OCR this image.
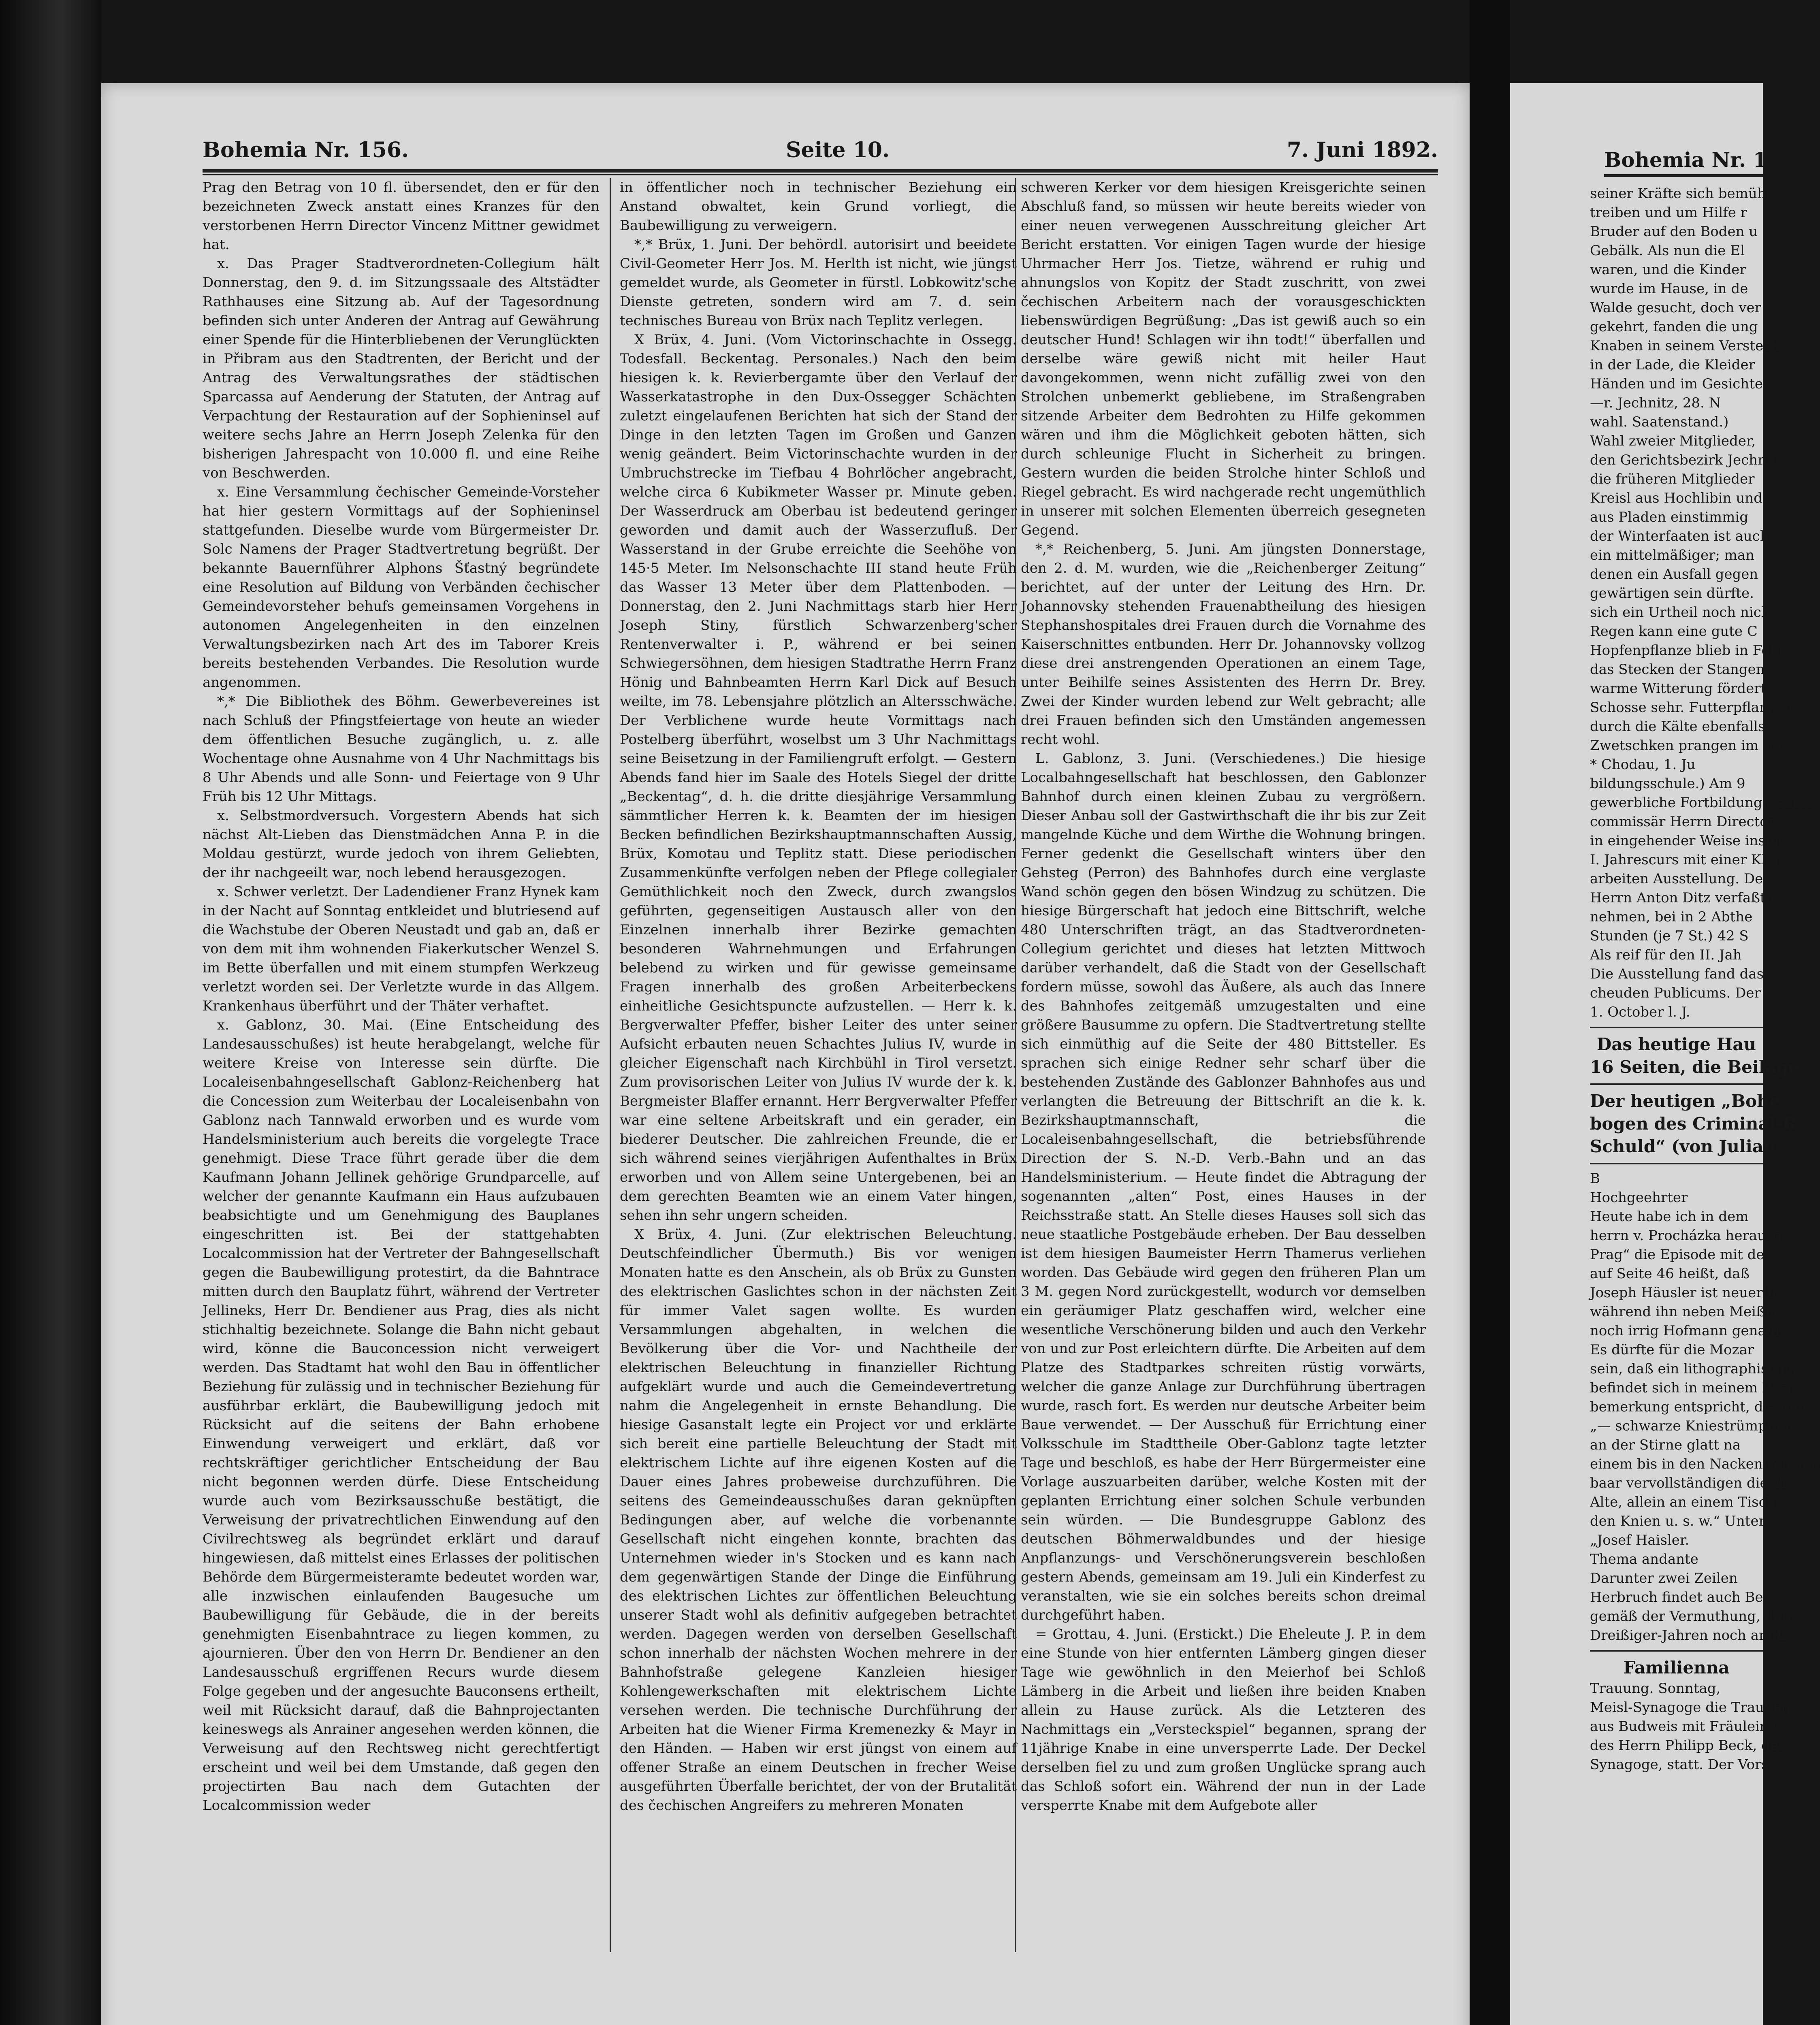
Bohemia Nr. 156.	Seite 10.	7. Juni 1892.

Prag den Betrag von 10 fl. übersendet, den er für den bezeichneten Zweck anstatt eines Kranzes für den verstorbenen Herrn Director Vincenz Mittner gewidmet hat.

x. Das Prager Stadtverordneten-Collegium hält Donnerstag, den 9. d. im Sitzungssaale des Altstädter Rathhauses eine Sitzung ab. Auf der Tagesordnung befinden sich unter Anderen der Antrag auf Gewährung einer Spende für die Hinterbliebenen der Verunglückten in Přibram aus den Stadtrenten, der Bericht und der Antrag des Verwaltungsrathes der städtischen Sparcassa auf Aenderung der Statuten, der Antrag auf Verpachtung der Restauration auf der Sophieninsel auf weitere sechs Jahre an Herrn Joseph Zelenka für den bisherigen Jahrespacht von 10.000 fl. und eine Reihe von Beschwerden.

x. Eine Versammlung čechischer Gemeinde-Vorsteher hat hier gestern Vormittags auf der Sophieninsel stattgefunden. Dieselbe wurde vom Bürgermeister Dr. Solc Namens der Prager Stadtvertretung begrüßt. Der bekannte Bauernführer Alphons Šťastný begründete eine Resolution auf Bildung von Verbänden čechischer Gemeindevorsteher behufs gemeinsamen Vorgehens in autonomen Angelegenheiten in den einzelnen Verwaltungsbezirken nach Art des im Taborer Kreis bereits bestehenden Verbandes. Die Resolution wurde angenommen.

*,* Die Bibliothek des Böhm. Gewerbevereines ist nach Schluß der Pfingstfeiertage von heute an wieder dem öffentlichen Besuche zugänglich, u. z. alle Wochentage ohne Ausnahme von 4 Uhr Nachmittags bis 8 Uhr Abends und alle Sonn- und Feiertage von 9 Uhr Früh bis 12 Uhr Mittags.

x. Selbstmordversuch. Vorgestern Abends hat sich nächst Alt-Lieben das Dienstmädchen Anna P. in die Moldau gestürzt, wurde jedoch von ihrem Geliebten, der ihr nachgeeilt war, noch lebend herausgezogen.

x. Schwer verletzt. Der Ladendiener Franz Hynek kam in der Nacht auf Sonntag entkleidet und blutriesend auf die Wachstube der Oberen Neustadt und gab an, daß er von dem mit ihm wohnenden Fiakerkutscher Wenzel S. im Bette überfallen und mit einem stumpfen Werkzeug verletzt worden sei. Der Verletzte wurde in das Allgem. Krankenhaus überführt und der Thäter verhaftet.

x. Gablonz, 30. Mai. (Eine Entscheidung des Landesausschußes) ist heute herabgelangt, welche für weitere Kreise von Interesse sein dürfte. Die Localeisenbahngesellschaft Gablonz-Reichenberg hat die Concession zum Weiterbau der Localeisenbahn von Gablonz nach Tannwald erworben und es wurde vom Handelsministerium auch bereits die vorgelegte Trace genehmigt. Diese Trace führt gerade über die dem Kaufmann Johann Jellinek gehörige Grundparcelle, auf welcher der genannte Kaufmann ein Haus aufzubauen beabsichtigte und um Genehmigung des Bauplanes eingeschritten ist. Bei der stattgehabten Localcommission hat der Vertreter der Bahngesellschaft gegen die Baubewilligung protestirt, da die Bahntrace mitten durch den Bauplatz führt, während der Vertreter Jellineks, Herr Dr. Bendiener aus Prag, dies als nicht stichhaltig bezeichnete. Solange die Bahn nicht gebaut wird, könne die Bauconcession nicht verweigert werden. Das Stadtamt hat wohl den Bau in öffentlicher Beziehung für zulässig und in technischer Beziehung für ausführbar erklärt, die Baubewilligung jedoch mit Rücksicht auf die seitens der Bahn erhobene Einwendung verweigert und erklärt, daß vor rechtskräftiger gerichtlicher Entscheidung der Bau nicht begonnen werden dürfe. Diese Entscheidung wurde auch vom Bezirksausschuße bestätigt, die Verweisung der privatrechtlichen Einwendung auf den Civilrechtsweg als begründet erklärt und darauf hingewiesen, daß mittelst eines Erlasses der politischen Behörde dem Bürgermeisteramte bedeutet worden war, alle inzwischen einlaufenden Baugesuche um Baubewilligung für Gebäude, die in der bereits genehmigten Eisenbahntrace zu liegen kommen, zu ajournieren. Über den von Herrn Dr. Bendiener an den Landesausschuß ergriffenen Recurs wurde diesem Folge gegeben und der angesuchte Bauconsens ertheilt, weil mit Rücksicht darauf, daß die Bahnprojectanten keineswegs als Anrainer angesehen werden können, die Verweisung auf den Rechtsweg nicht gerechtfertigt erscheint und weil bei dem Umstande, daß gegen den projectirten Bau nach dem Gutachten der Localcommission weder

in öffentlicher noch in technischer Beziehung ein Anstand obwaltet, kein Grund vorliegt, die Baubewilligung zu verweigern.

*,* Brüx, 1. Juni. Der behördl. autorisirt und beeidete Civil-Geometer Herr Jos. M. Herlth ist nicht, wie jüngst gemeldet wurde, als Geometer in fürstl. Lobkowitz'sche Dienste getreten, sondern wird am 7. d. sein technisches Bureau von Brüx nach Teplitz verlegen.

X Brüx, 4. Juni. (Vom Victorinschachte in Ossegg. Todesfall. Beckentag. Personales.) Nach den beim hiesigen k. k. Revierbergamte über den Verlauf der Wasserkatastrophe in den Dux-Ossegger Schächten zuletzt eingelaufenen Berichten hat sich der Stand der Dinge in den letzten Tagen im Großen und Ganzen wenig geändert. Beim Victorinschachte wurden in der Umbruchstrecke im Tiefbau 4 Bohrlöcher angebracht, welche circa 6 Kubikmeter Wasser pr. Minute geben. Der Wasserdruck am Oberbau ist bedeutend geringer geworden und damit auch der Wasserzufluß. Der Wasserstand in der Grube erreichte die Seehöhe von 145·5 Meter. Im Nelsonschachte III stand heute Früh das Wasser 13 Meter über dem Plattenboden. — Donnerstag, den 2. Juni Nachmittags starb hier Herr Joseph Stiny, fürstlich Schwarzenberg'scher Rentenverwalter i. P., während er bei seinen Schwiegersöhnen, dem hiesigen Stadtrathe Herrn Franz Hönig und Bahnbeamten Herrn Karl Dick auf Besuch weilte, im 78. Lebensjahre plötzlich an Altersschwäche. Der Verblichene wurde heute Vormittags nach Postelberg überführt, woselbst um 3 Uhr Nachmittags seine Beisetzung in der Familiengruft erfolgt. — Gestern Abends fand hier im Saale des Hotels Siegel der dritte „Beckentag“, d. h. die dritte diesjährige Versammlung sämmtlicher Herren k. k. Beamten der im hiesigen Becken befindlichen Bezirkshauptmannschaften Aussig, Brüx, Komotau und Teplitz statt. Diese periodischen Zusammenkünfte verfolgen neben der Pflege collegialer Gemüthlichkeit noch den Zweck, durch zwangslos geführten, gegenseitigen Austausch aller von den Einzelnen innerhalb ihrer Bezirke gemachten besonderen Wahrnehmungen und Erfahrungen belebend zu wirken und für gewisse gemeinsame Fragen innerhalb des großen Arbeiterbeckens einheitliche Gesichtspuncte aufzustellen. — Herr k. k. Bergverwalter Pfeffer, bisher Leiter des unter seiner Aufsicht erbauten neuen Schachtes Julius IV, wurde in gleicher Eigenschaft nach Kirchbühl in Tirol versetzt. Zum provisorischen Leiter von Julius IV wurde der k. k. Bergmeister Blaffer ernannt. Herr Bergverwalter Pfeffer war eine seltene Arbeitskraft und ein gerader, ein biederer Deutscher. Die zahlreichen Freunde, die er sich während seines vierjährigen Aufenthaltes in Brüx erworben und von Allem seine Untergebenen, bei an dem gerechten Beamten wie an einem Vater hingen, sehen ihn sehr ungern scheiden.

X Brüx, 4. Juni. (Zur elektrischen Beleuchtung. Deutschfeindlicher Übermuth.) Bis vor wenigen Monaten hatte es den Anschein, als ob Brüx zu Gunsten des elektrischen Gaslichtes schon in der nächsten Zeit für immer Valet sagen wollte. Es wurden Versammlungen abgehalten, in welchen die Bevölkerung über die Vor- und Nachtheile der elektrischen Beleuchtung in finanzieller Richtung aufgeklärt wurde und auch die Gemeindevertretung nahm die Angelegenheit in ernste Behandlung. Die hiesige Gasanstalt legte ein Project vor und erklärte sich bereit eine partielle Beleuchtung der Stadt mit elektrischem Lichte auf ihre eigenen Kosten auf die Dauer eines Jahres probeweise durchzuführen. Die seitens des Gemeindeausschußes daran geknüpften Bedingungen aber, auf welche die vorbenannte Gesellschaft nicht eingehen konnte, brachten das Unternehmen wieder in's Stocken und es kann nach dem gegenwärtigen Stande der Dinge die Einführung des elektrischen Lichtes zur öffentlichen Beleuchtung unserer Stadt wohl als definitiv aufgegeben betrachtet werden. Dagegen werden von derselben Gesellschaft schon innerhalb der nächsten Wochen mehrere in der Bahnhofstraße gelegene Kanzleien hiesiger Kohlengewerkschaften mit elektrischem Lichte versehen werden. Die technische Durchführung der Arbeiten hat die Wiener Firma Kremenezky & Mayr in den Händen. — Haben wir erst jüngst von einem auf offener Straße an einem Deutschen in frecher Weise ausgeführten Überfalle berichtet, der von der Brutalität des čechischen Angreifers zu mehreren Monaten

schweren Kerker vor dem hiesigen Kreisgerichte seinen Abschluß fand, so müssen wir heute bereits wieder von einer neuen verwegenen Ausschreitung gleicher Art Bericht erstatten. Vor einigen Tagen wurde der hiesige Uhrmacher Herr Jos. Tietze, während er ruhig und ahnungslos von Kopitz der Stadt zuschritt, von zwei čechischen Arbeitern nach der vorausgeschickten liebenswürdigen Begrüßung: „Das ist gewiß auch so ein deutscher Hund! Schlagen wir ihn todt!“ überfallen und derselbe wäre gewiß nicht mit heiler Haut davongekommen, wenn nicht zufällig zwei von den Strolchen unbemerkt gebliebene, im Straßengraben sitzende Arbeiter dem Bedrohten zu Hilfe gekommen wären und ihm die Möglichkeit geboten hätten, sich durch schleunige Flucht in Sicherheit zu bringen. Gestern wurden die beiden Strolche hinter Schloß und Riegel gebracht. Es wird nachgerade recht ungemüthlich in unserer mit solchen Elementen überreich gesegneten Gegend.

*,* Reichenberg, 5. Juni. Am jüngsten Donnerstage, den 2. d. M. wurden, wie die „Reichenberger Zeitung“ berichtet, auf der unter der Leitung des Hrn. Dr. Johannovsky stehenden Frauenabtheilung des hiesigen Stephanshospitales drei Frauen durch die Vornahme des Kaiserschnittes entbunden. Herr Dr. Johannovsky vollzog diese drei anstrengenden Operationen an einem Tage, unter Beihilfe seines Assistenten des Herrn Dr. Brey. Zwei der Kinder wurden lebend zur Welt gebracht; alle drei Frauen befinden sich den Umständen angemessen recht wohl.

L. Gablonz, 3. Juni. (Verschiedenes.) Die hiesige Localbahngesellschaft hat beschlossen, den Gablonzer Bahnhof durch einen kleinen Zubau zu vergrößern. Dieser Anbau soll der Gastwirthschaft die ihr bis zur Zeit mangelnde Küche und dem Wirthe die Wohnung bringen. Ferner gedenkt die Gesellschaft winters über den Gehsteg (Perron) des Bahnhofes durch eine verglaste Wand schön gegen den bösen Windzug zu schützen. Die hiesige Bürgerschaft hat jedoch eine Bittschrift, welche 480 Unterschriften trägt, an das Stadtverordneten-Collegium gerichtet und dieses hat letzten Mittwoch darüber verhandelt, daß die Stadt von der Gesellschaft fordern müsse, sowohl das Äußere, als auch das Innere des Bahnhofes zeitgemäß umzugestalten und eine größere Bausumme zu opfern. Die Stadtvertretung stellte sich einmüthig auf die Seite der 480 Bittsteller. Es sprachen sich einige Redner sehr scharf über die bestehenden Zustände des Gablonzer Bahnhofes aus und verlangten die Betreuung der Bittschrift an die k. k. Bezirkshauptmannschaft, die Localeisenbahngesellschaft, die betriebsführende Direction der S. N.-D. Verb.-Bahn und an das Handelsministerium. — Heute findet die Abtragung der sogenannten „alten“ Post, eines Hauses in der Reichsstraße statt. An Stelle dieses Hauses soll sich das neue staatliche Postgebäude erheben. Der Bau desselben ist dem hiesigen Baumeister Herrn Thamerus verliehen worden. Das Gebäude wird gegen den früheren Plan um 3 M. gegen Nord zurückgestellt, wodurch vor demselben ein geräumiger Platz geschaffen wird, welcher eine wesentliche Verschönerung bilden und auch den Verkehr von und zur Post erleichtern dürfte. Die Arbeiten auf dem Platze des Stadtparkes schreiten rüstig vorwärts, welcher die ganze Anlage zur Durchführung übertragen wurde, rasch fort. Es werden nur deutsche Arbeiter beim Baue verwendet. — Der Ausschuß für Errichtung einer Volksschule im Stadttheile Ober-Gablonz tagte letzter Tage und beschloß, es habe der Herr Bürgermeister eine Vorlage auszuarbeiten darüber, welche Kosten mit der geplanten Errichtung einer solchen Schule verbunden sein würden. — Die Bundesgruppe Gablonz des deutschen Böhmerwaldbundes und der hiesige Anpflanzungs- und Verschönerungsverein beschloßen gestern Abends, gemeinsam am 19. Juli ein Kinderfest zu veranstalten, wie sie ein solches bereits schon dreimal durchgeführt haben.

= Grottau, 4. Juni. (Erstickt.) Die Eheleute J. P. in dem eine Stunde von hier entfernten Lämberg gingen dieser Tage wie gewöhnlich in den Meierhof bei Schloß Lämberg in die Arbeit und ließen ihre beiden Knaben allein zu Hause zurück. Als die Letzteren des Nachmittags ein „Versteckspiel“ begannen, sprang der 11jährige Knabe in eine unversperrte Lade. Der Deckel derselben fiel zu und zum großen Unglücke sprang auch das Schloß sofort ein. Während der nun in der Lade versperrte Knabe mit dem Aufgebote aller

Bohemia Nr. 1
seiner Kräfte sich bemüht
treiben und um Hilfe r
Bruder auf den Boden u
Gebälk. Als nun die El
waren, und die Kinder
wurde im Hause, in de
Walde gesucht, doch ver
gekehrt, fanden die ung
Knaben in seinem Versteck
in der Lade, die Kleider
Händen und im Gesichte
—r. Jechnitz, 28. N
wahl. Saatenstand.)
Wahl zweier Mitglieder,
den Gerichtsbezirk Jechnitz
die früheren Mitglieder
Kreisl aus Hochlibin und
aus Pladen einstimmig
der Winterfaaten ist auch
ein mittelmäßiger; man
denen ein Ausfall gegen
gewärtigen sein dürfte.
sich ein Urtheil noch nich
Regen kann eine gute C
Hopfenpflanze blieb in Folg
das Stecken der Stangen
warme Witterung fördert
Schosse sehr. Futterpflanzen
durch die Kälte ebenfalls
Zwetschken prangen im rei
* Chodau, 1. Ju
bildungsschule.) Am 9
gewerbliche Fortbildungsschule
commissär Herrn Director
in eingehender Weise inspic
I. Jahrescurs mit einer Klei
arbeiten Ausstellung. Der
Herrn Anton Ditz verfaßte
nehmen, bei in 2 Abthe
Stunden (je 7 St.) 42 S
Als reif für den II. Jah
Die Ausstellung fand das
cheuden Publicums. Der
1. October l. J.
Das heutige Hau
16 Seiten, die Beilage
Der heutigen „Bohe
bogen des Criminal-R
Schuld“ (von Julian
B
Hochgeehrter
Heute habe ich in dem
herrn v. Procházka herausge
Prag“ die Episode mit de
auf Seite 46 heißt, daß
Joseph Häusler ist neuerdi
während ihn neben Meißne
noch irrig Hofmann genann
Es dürfte für die Mozar
sein, daß ein lithographisches
befindet sich in meinem Besi
bemerkung entspricht, die Mei
„— schwarze Kniestrümpfe n
an der Stirne glatt na
einem bis in den Nacken reichen
baar vervollständigen die Tr
Alte, allein an einem Tische
den Knien u. s. w.“ Unter
„Josef Haisler.
Thema andante
Darunter zwei Zeilen
Herbruch findet auch Be
gemäß der Vermuthung, daß
Dreißiger-Jahren noch am L
Familienna
Trauung. Sonntag,
Meisl-Synagoge die Trauung
aus Budweis mit Fräulein C
des Herrn Philipp Beck, des
Synagoge, statt. Der Vors
